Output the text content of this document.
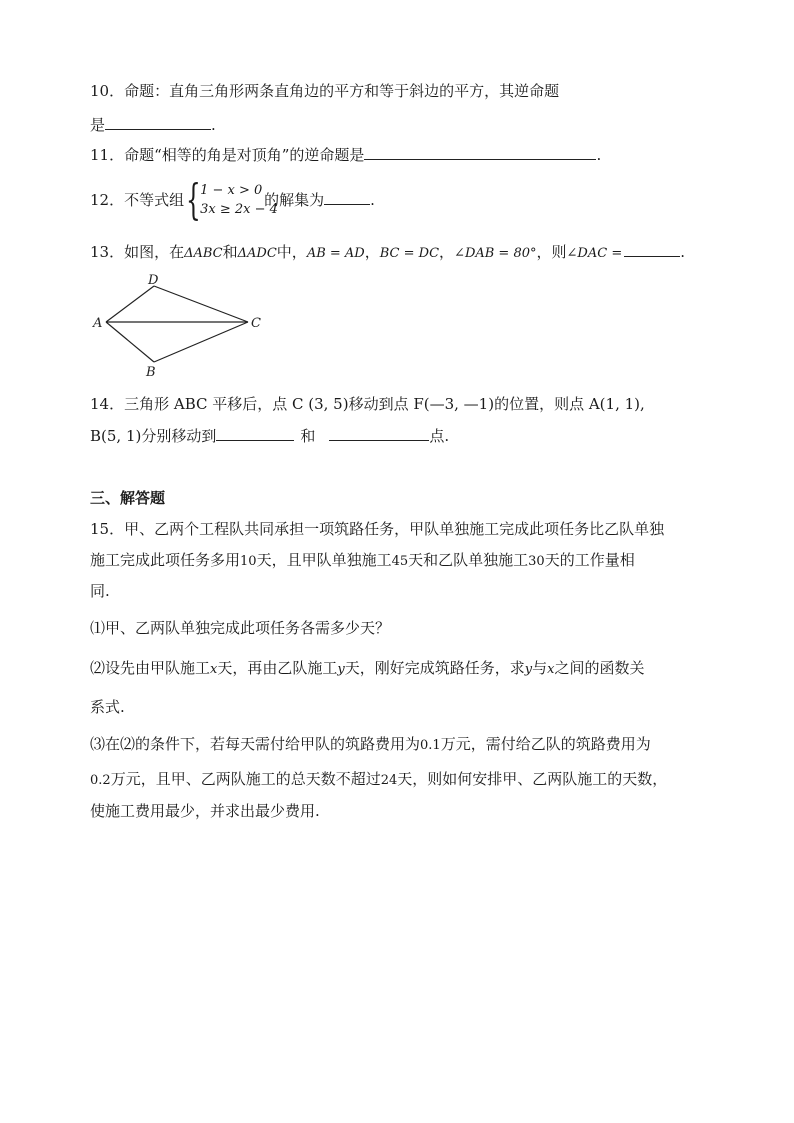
10．命题：直角三角形两条直角边的平方和等于斜边的平方，其逆命题
是	.
11．命题“相等的角是对顶角”的逆命题是	.
12．不等式组 { 1 − x > 0
3x ≥ 2x − 4
的解集为	.
13．如图，在ΔABC和ΔADC中，AB = AD，BC = DC，∠DAB = 80°，则∠DAC =	.
D
A	C
B
14．三角形 ABC 平移后，点 C (3, 5)移动到点 F(—3, —1)的位置，则点 A(1, 1),
B(5, 1)分别移动到	和	点.
三、解答题
15．甲、乙两个工程队共同承担一项筑路任务，甲队单独施工完成此项任务比乙队单独
施工完成此项任务多用10天，且甲队单独施工45天和乙队单独施工30天的工作量相
同.
⑴甲、乙两队单独完成此项任务各需多少天？
⑵设先由甲队施工x天，再由乙队施工y天，刚好完成筑路任务，求y与x之间的函数关
系式.
⑶在⑵的条件下，若每天需付给甲队的筑路费用为0.1万元，需付给乙队的筑路费用为
0.2万元，且甲、乙两队施工的总天数不超过24天，则如何安排甲、乙两队施工的天数，
使施工费用最少，并求出最少费用.
